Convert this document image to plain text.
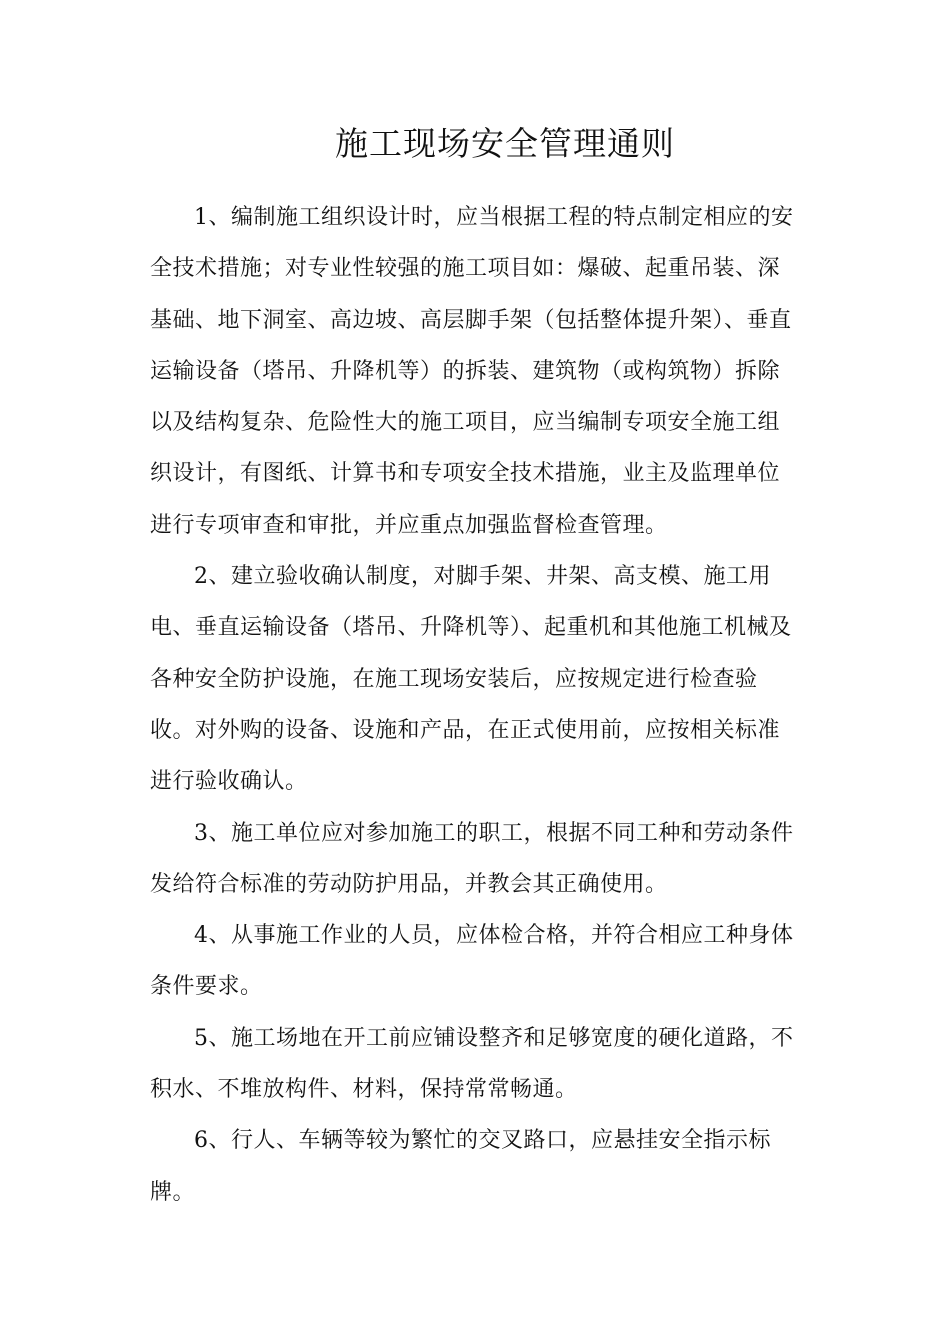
施工现场安全管理通则

1、编制施工组织设计时，应当根据工程的特点制定相应的安全技术措施；对专业性较强的施工项目如：爆破、起重吊装、深基础、地下洞室、高边坡、高层脚手架（包括整体提升架）、垂直运输设备（塔吊、升降机等）的拆装、建筑物（或构筑物）拆除以及结构复杂、危险性大的施工项目，应当编制专项安全施工组织设计，有图纸、计算书和专项安全技术措施，业主及监理单位进行专项审查和审批，并应重点加强监督检查管理。

2、建立验收确认制度，对脚手架、井架、高支模、施工用电、垂直运输设备（塔吊、升降机等）、起重机和其他施工机械及各种安全防护设施，在施工现场安装后，应按规定进行检查验收。对外购的设备、设施和产品，在正式使用前，应按相关标准进行验收确认。

3、施工单位应对参加施工的职工，根据不同工种和劳动条件发给符合标准的劳动防护用品，并教会其正确使用。

4、从事施工作业的人员，应体检合格，并符合相应工种身体条件要求。

5、施工场地在开工前应铺设整齐和足够宽度的硬化道路，不积水、不堆放构件、材料，保持常常畅通。

6、行人、车辆等较为繁忙的交叉路口，应悬挂安全指示标牌。
